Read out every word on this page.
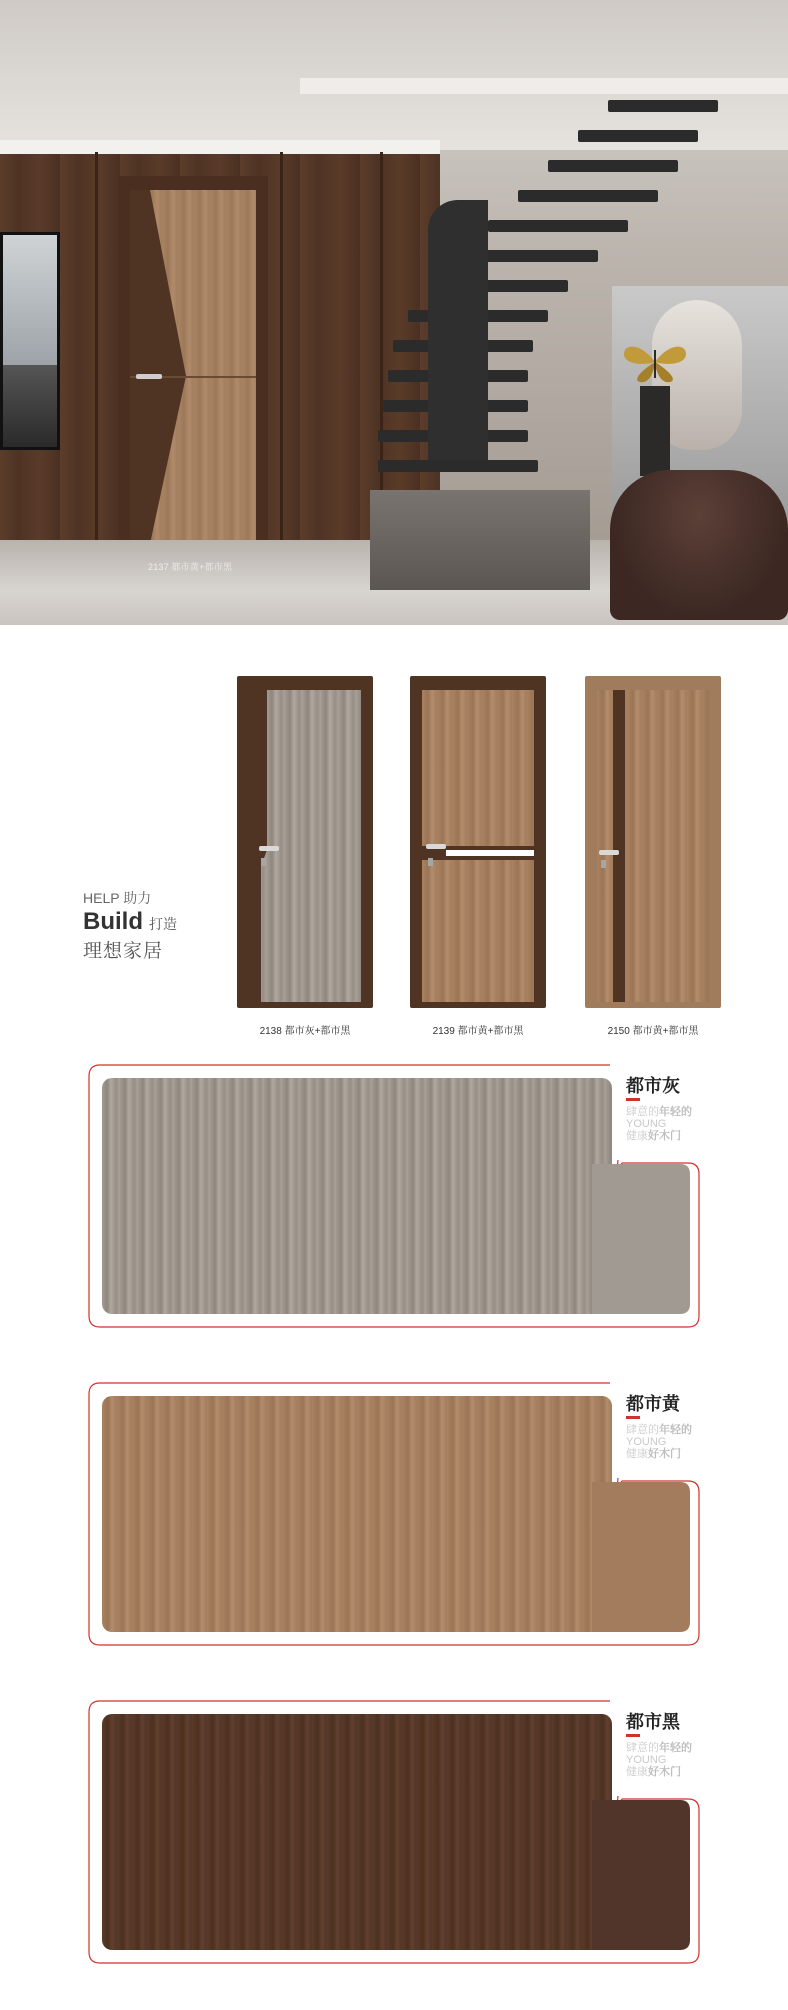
2137 都市黄+都市黑
HELP 助力
Build 打造
理想家居
2138 都市灰+都市黑	2139 都市黄+都市黑	2150 都市黄+都市黑
都市灰
肆意的年轻的
YOUNG
健康好木门
都市黄
肆意的年轻的
YOUNG
健康好木门
都市黑
肆意的年轻的
YOUNG
健康好木门
